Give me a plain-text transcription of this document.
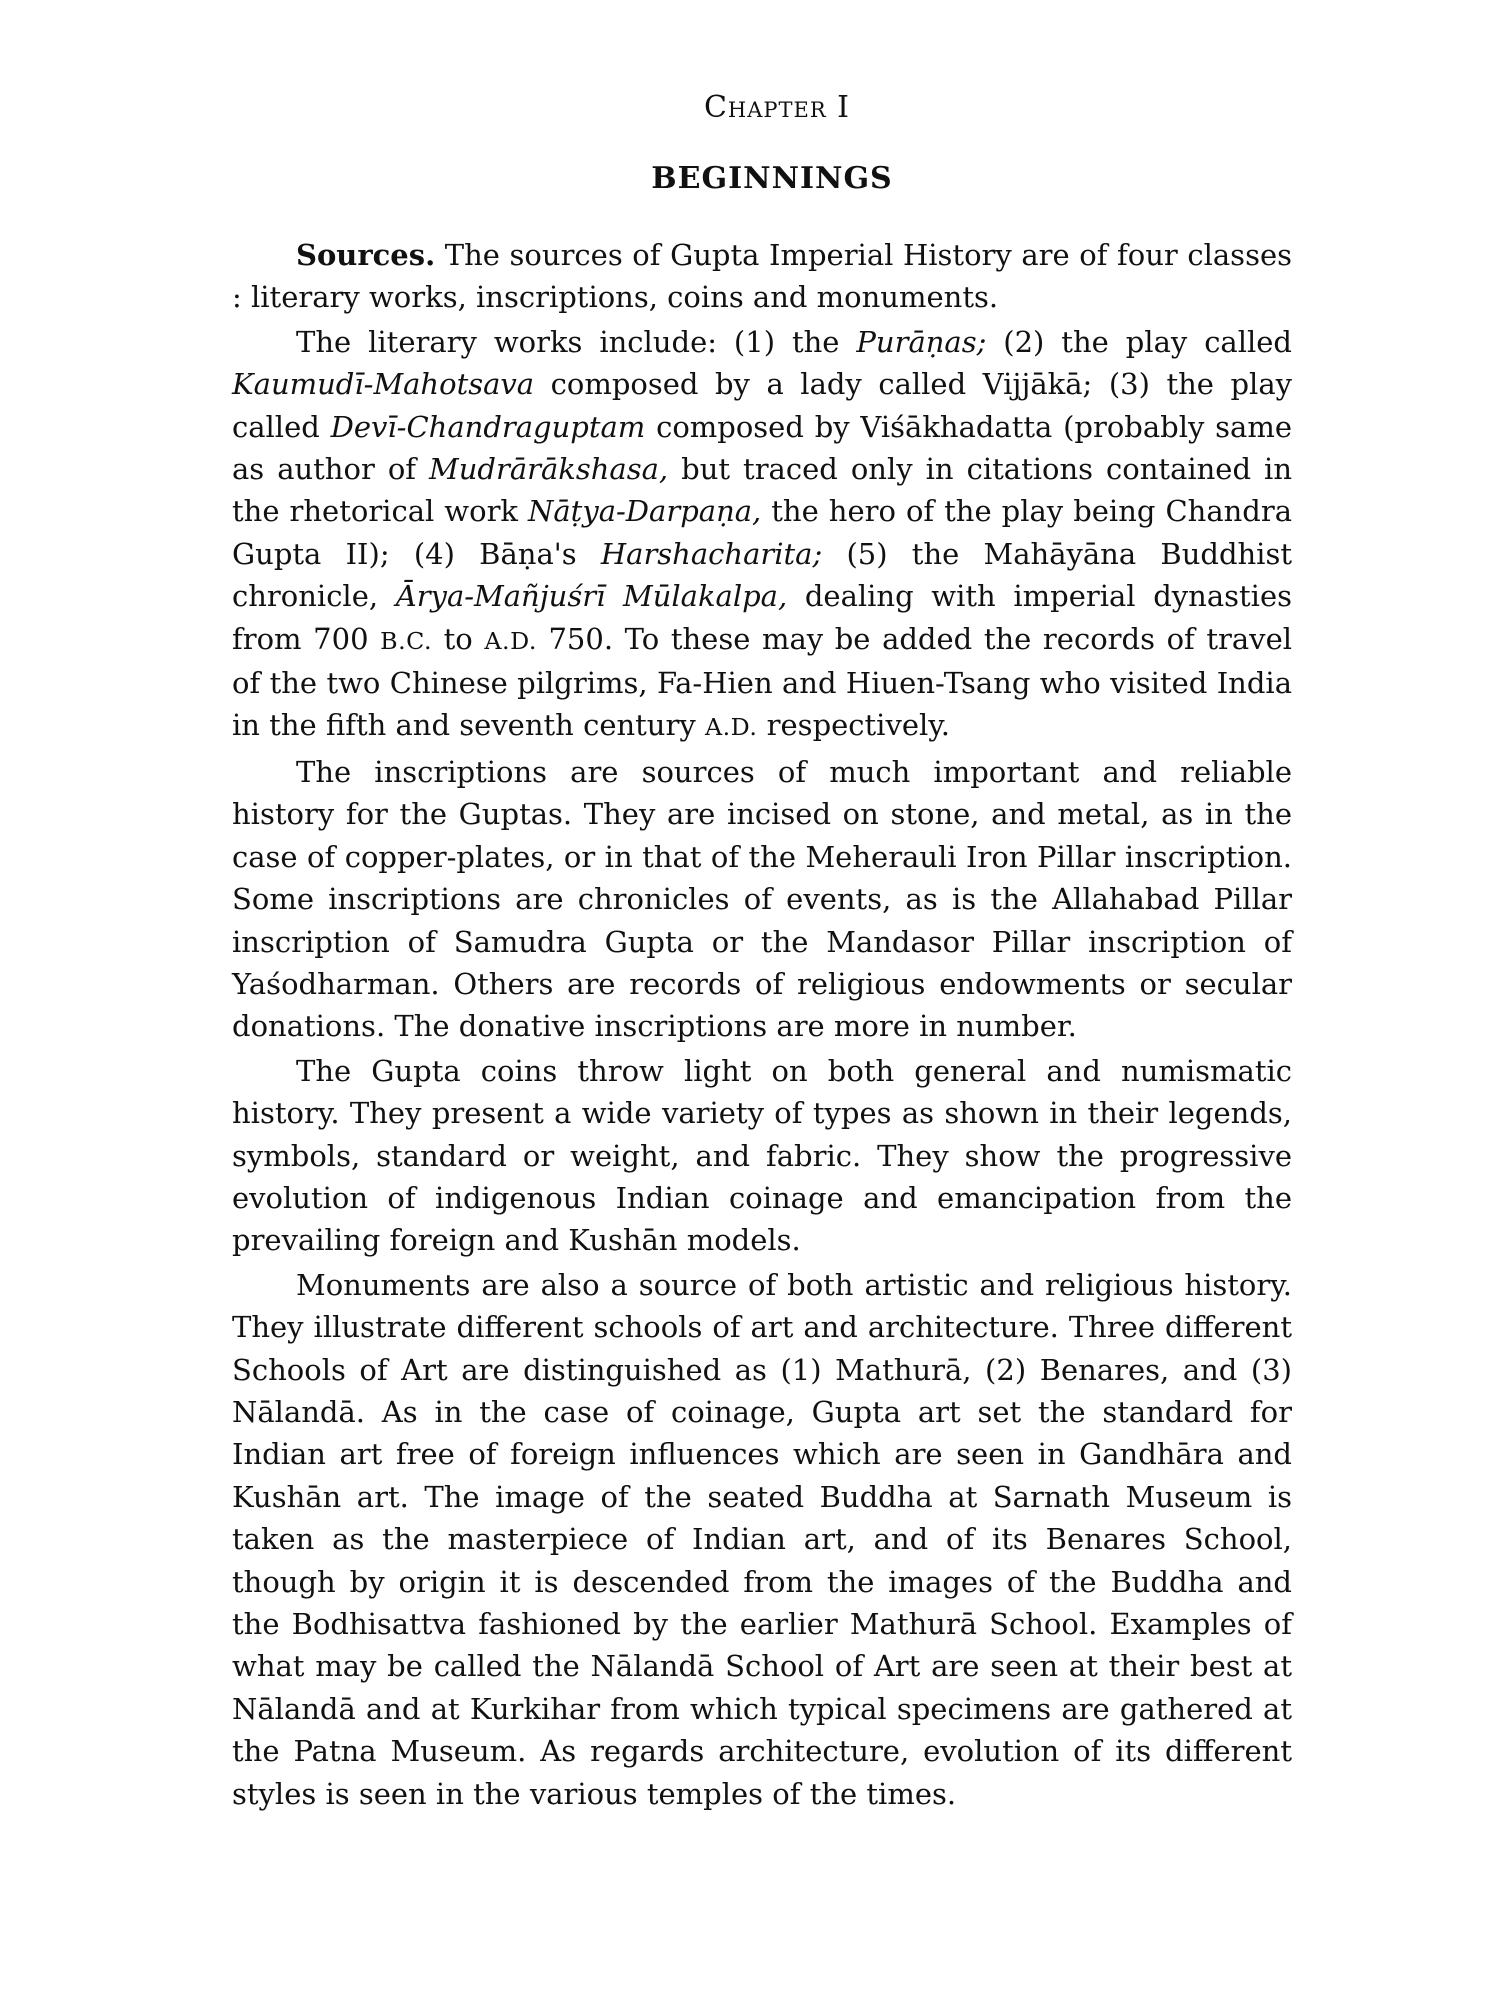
Chapter I
BEGINNINGS

Sources. The sources of Gupta Imperial History are of four classes : literary works, inscriptions, coins and monuments.

The literary works include: (1) the Purāṇas; (2) the play called Kaumudī-Mahotsava composed by a lady called Vijjākā; (3) the play called Devī-Chandraguptam composed by Viśākhadatta (probably same as author of Mudrārākshasa, but traced only in citations contained in the rhetorical work Nāṭya-Darpaṇa, the hero of the play being Chandra Gupta II); (4) Bāṇa's Harshacharita; (5) the Mahāyāna Buddhist chronicle, Ārya-Mañjuśrī Mūlakalpa, dealing with imperial dynasties from 700 B.C. to A.D. 750. To these may be added the records of travel of the two Chinese pilgrims, Fa-Hien and Hiuen-Tsang who visited India in the fifth and seventh century A.D. respectively.

The inscriptions are sources of much important and reliable history for the Guptas. They are incised on stone, and metal, as in the case of copper-plates, or in that of the Meherauli Iron Pillar inscription. Some inscriptions are chronicles of events, as is the Allahabad Pillar inscription of Samudra Gupta or the Mandasor Pillar inscription of Yaśodharman. Others are records of religious endowments or secular donations. The donative inscriptions are more in number.

The Gupta coins throw light on both general and numismatic history. They present a wide variety of types as shown in their legends, symbols, standard or weight, and fabric. They show the progressive evolution of indigenous Indian coinage and emancipation from the prevailing foreign and Kushān models.

Monuments are also a source of both artistic and religious history. They illustrate different schools of art and architecture. Three different Schools of Art are distinguished as (1) Mathurā, (2) Benares, and (3) Nālandā. As in the case of coinage, Gupta art set the standard for Indian art free of foreign influences which are seen in Gandhāra and Kushān art. The image of the seated Buddha at Sarnath Museum is taken as the masterpiece of Indian art, and of its Benares School, though by origin it is descended from the images of the Buddha and the Bodhisattva fashioned by the earlier Mathurā School. Examples of what may be called the Nālandā School of Art are seen at their best at Nālandā and at Kurkihar from which typical specimens are gathered at the Patna Museum. As regards architecture, evolution of its different styles is seen in the various temples of the times.
